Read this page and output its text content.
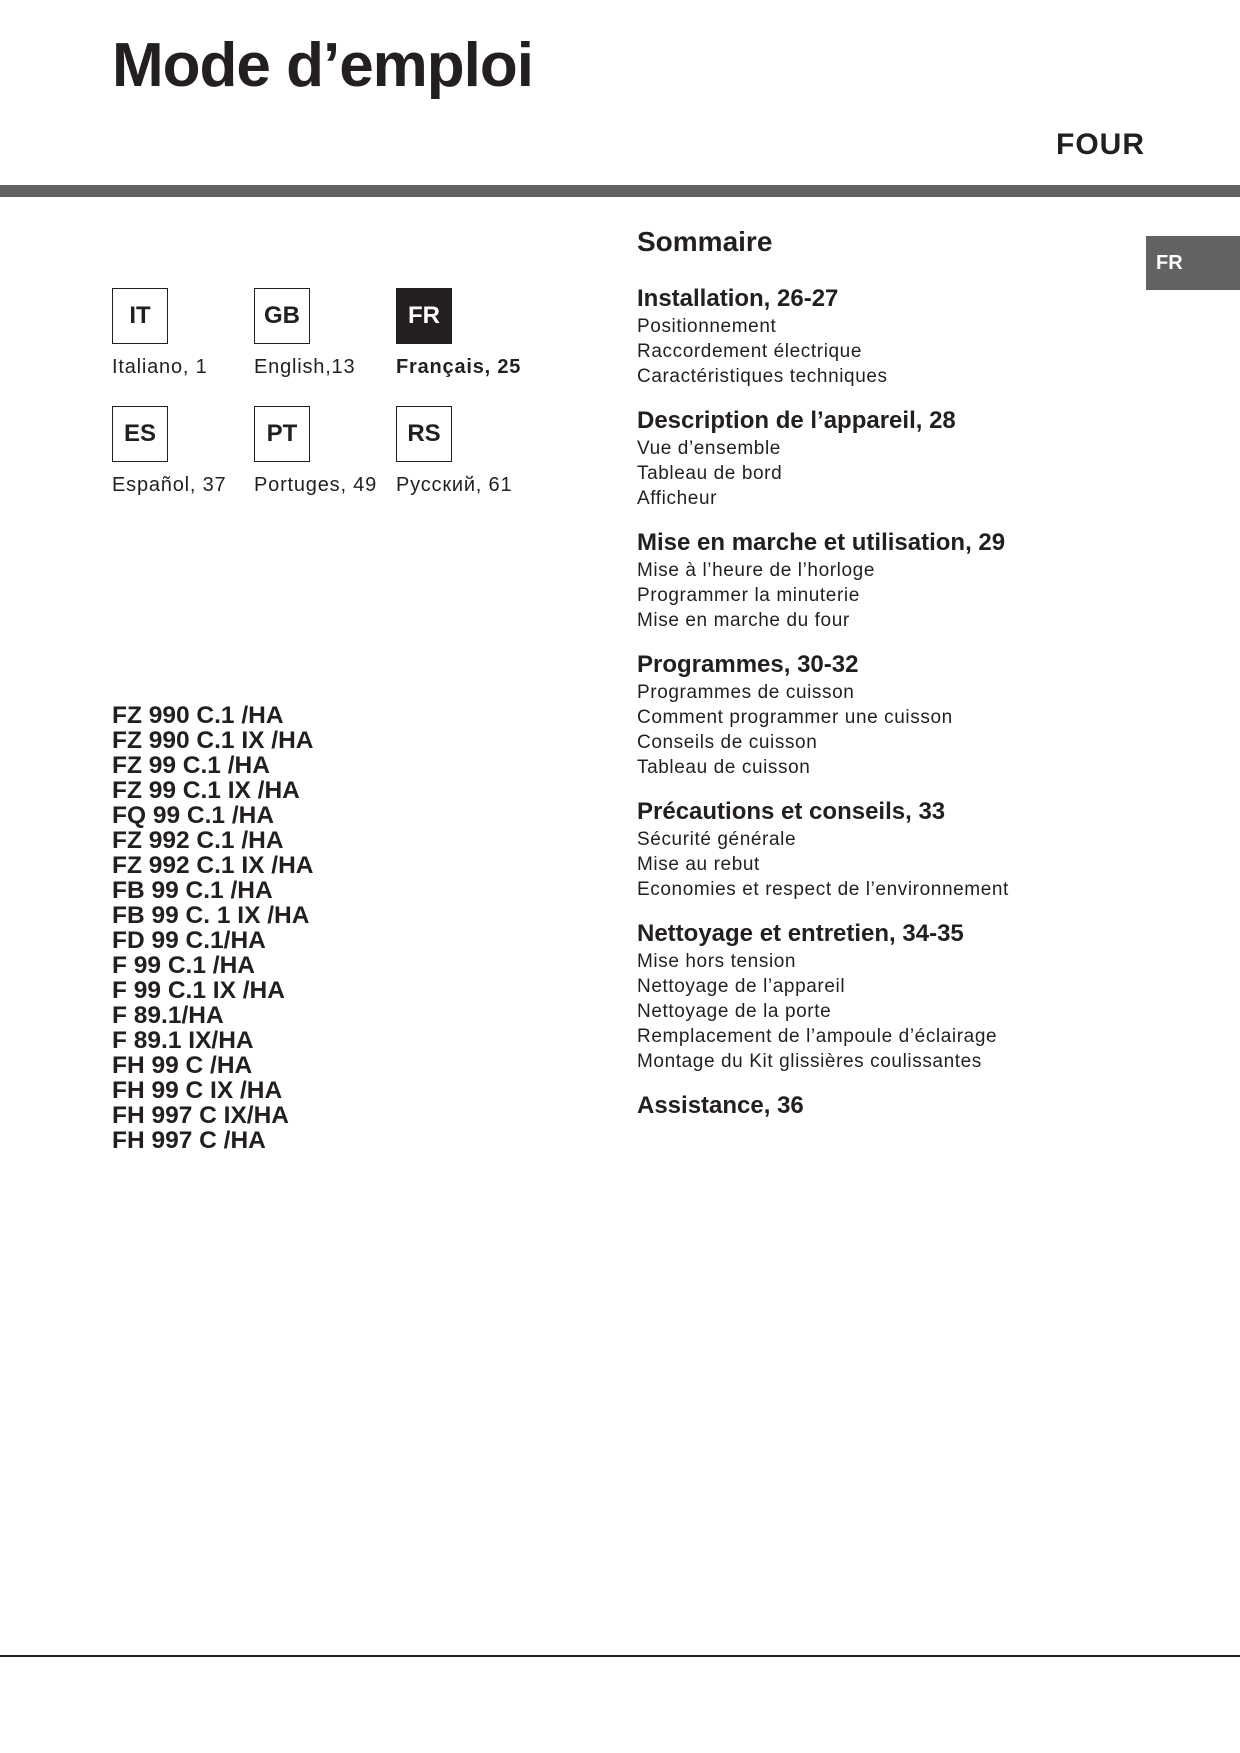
Mode d’emploi
FOUR
FR
IT
Italiano, 1
GB
English,13
FR
Français, 25
ES
Español, 37
PT
Portuges, 49
RS
Русский, 61
FZ 990 C.1 /HA
FZ 990 C.1 IX /HA
FZ 99 C.1 /HA
FZ 99 C.1 IX /HA
FQ 99 C.1 /HA
FZ 992 C.1 /HA
FZ 992 C.1 IX /HA
FB 99 C.1 /HA
FB 99 C. 1 IX /HA
FD 99 C.1/HA
F 99 C.1 /HA
F 99 C.1 IX /HA
F 89.1/HA
F 89.1 IX/HA
FH 99 C /HA
FH 99 C IX /HA
FH 997 C IX/HA
FH 997 C /HA
Sommaire
Installation, 26-27
Positionnement
Raccordement électrique
Caractéristiques techniques
Description de l’appareil, 28
Vue d’ensemble
Tableau de bord
Afficheur
Mise en marche et utilisation, 29
Mise à l’heure de l’horloge
Programmer la minuterie
Mise en marche du four
Programmes, 30-32
Programmes de cuisson
Comment programmer une cuisson
Conseils de cuisson
Tableau de cuisson
Précautions et conseils, 33
Sécurité générale
Mise au rebut
Economies et respect de l’environnement
Nettoyage et entretien, 34-35
Mise hors tension
Nettoyage de l’appareil
Nettoyage de la porte
Remplacement de l’ampoule d’éclairage
Montage du Kit glissières coulissantes
Assistance, 36
